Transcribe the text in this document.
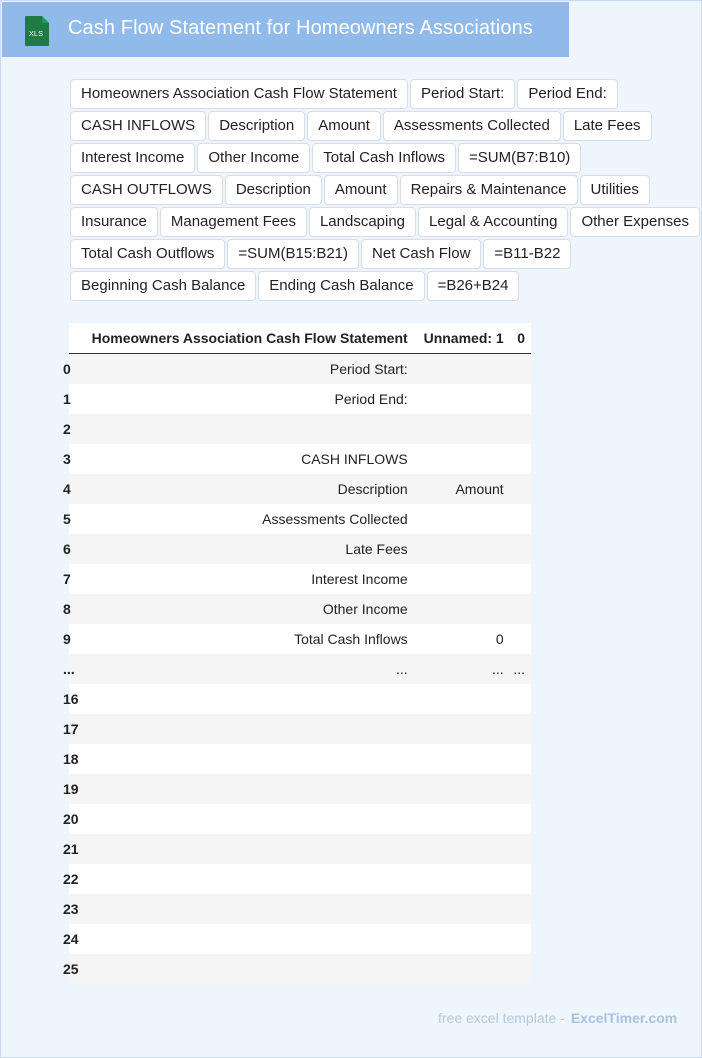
XLS Cash Flow Statement for Homeowners Associations
Homeowners Association Cash Flow Statement	Period Start:	Period End:
CASH INFLOWS	Description	Amount	Assessments Collected	Late Fees
Interest Income	Other Income	Total Cash Inflows	=SUM(B7:B10)
CASH OUTFLOWS	Description	Amount	Repairs & Maintenance	Utilities
Insurance	Management Fees	Landscaping	Legal & Accounting	Other Expenses
Total Cash Outflows	=SUM(B15:B21)	Net Cash Flow	=B11-B22
Beginning Cash Balance	Ending Cash Balance	=B26+B24
	Homeowners Association Cash Flow Statement	Unnamed: 1	0

0	Period Start:		

1	Period End:		

2			

3	CASH INFLOWS		

4	Description	Amount	

5	Assessments Collected		

6	Late Fees		

7	Interest Income		

8	Other Income		

9	Total Cash Inflows	0	

...	...	...	...

16			

17			

18			

19			

20			

21			

22			

23			

24			

25			

free excel template - ExcelTimer.com
